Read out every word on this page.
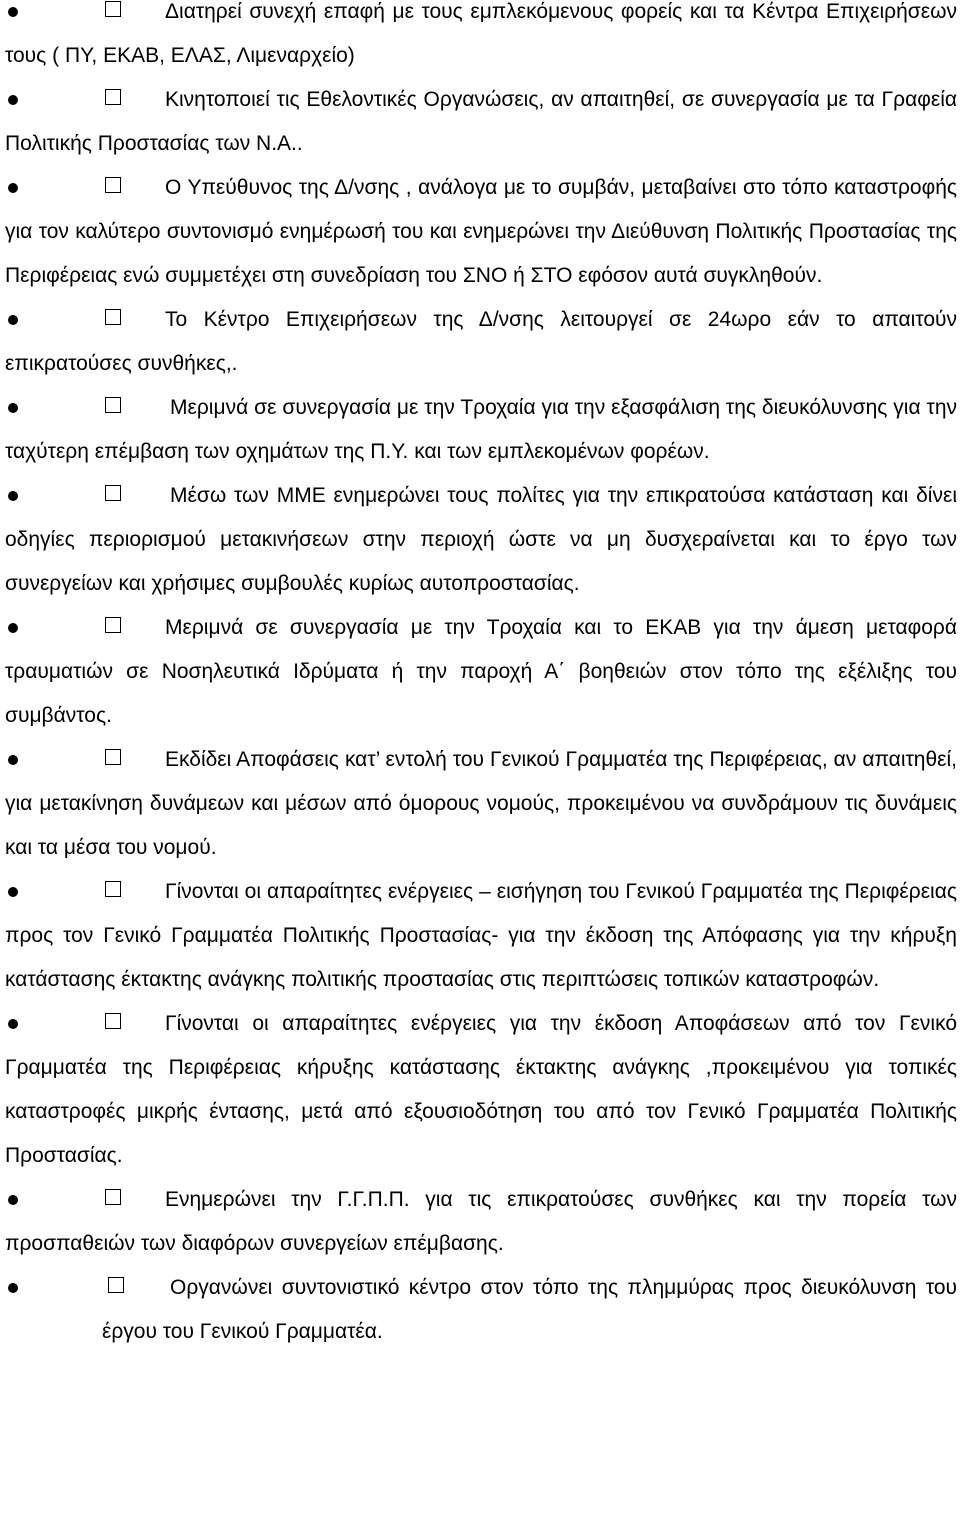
Διατηρεί συνεχή επαφή με τους εμπλεκόμενους φορείς και τα Κέντρα Επιχειρήσεων τους ( ΠΥ, ΕΚΑΒ, ΕΛΑΣ, Λιμεναρχείο)

Κινητοποιεί τις Εθελοντικές Οργανώσεις, αν απαιτηθεί, σε συνεργασία με τα Γραφεία Πολιτικής Προστασίας των Ν.Α..

Ο Υπεύθυνος της Δ/νσης , ανάλογα με το συμβάν, μεταβαίνει στο τόπο καταστροφής για τον καλύτερο συντονισμό ενημέρωσή του και ενημερώνει την Διεύθυνση Πολιτικής Προστασίας της Περιφέρειας ενώ συμμετέχει στη συνεδρίαση του ΣΝΟ ή ΣΤΟ εφόσον αυτά συγκληθούν.

Το Κέντρο Επιχειρήσεων της Δ/νσης λειτουργεί σε 24ωρο εάν το απαιτούν επικρατούσες συνθήκες,.

Μεριμνά σε συνεργασία με την Τροχαία για την εξασφάλιση της διευκόλυνσης για την ταχύτερη επέμβαση των οχημάτων της Π.Υ. και των εμπλεκομένων φορέων.

Μέσω των ΜΜΕ ενημερώνει τους πολίτες για την επικρατούσα κατάσταση και δίνει οδηγίες περιορισμού μετακινήσεων στην περιοχή ώστε να μη δυσχεραίνεται και το έργο των συνεργείων και χρήσιμες συμβουλές κυρίως αυτοπροστασίας.

Μεριμνά σε συνεργασία με την Τροχαία και το ΕΚΑΒ για την άμεση μεταφορά τραυματιών σε Νοσηλευτικά Ιδρύματα ή την παροχή Α΄ βοηθειών στον τόπο της εξέλιξης του συμβάντος.

Εκδίδει Αποφάσεις κατ’ εντολή του Γενικού Γραμματέα της Περιφέρειας, αν απαιτηθεί, για μετακίνηση δυνάμεων και μέσων από όμορους νομούς, προκειμένου να συνδράμουν τις δυνάμεις και τα μέσα του νομού.

Γίνονται οι απαραίτητες ενέργειες – εισήγηση του Γενικού Γραμματέα της Περιφέρειας προς τον Γενικό Γραμματέα Πολιτικής Προστασίας- για την έκδοση της Απόφασης για την κήρυξη κατάστασης έκτακτης ανάγκης πολιτικής προστασίας στις περιπτώσεις τοπικών καταστροφών.

Γίνονται οι απαραίτητες ενέργειες για την έκδοση Αποφάσεων από τον Γενικό Γραμματέα της Περιφέρειας κήρυξης κατάστασης έκτακτης ανάγκης ,προκειμένου για τοπικές καταστροφές μικρής έντασης, μετά από εξουσιοδότηση του από τον Γενικό Γραμματέα Πολιτικής Προστασίας.

Ενημερώνει την Γ.Γ.Π.Π. για τις επικρατούσες συνθήκες και την πορεία των προσπαθειών των διαφόρων συνεργείων επέμβασης.

Οργανώνει συντονιστικό κέντρο στον τόπο της πλημμύρας προς διευκόλυνση του έργου του Γενικού Γραμματέα.
